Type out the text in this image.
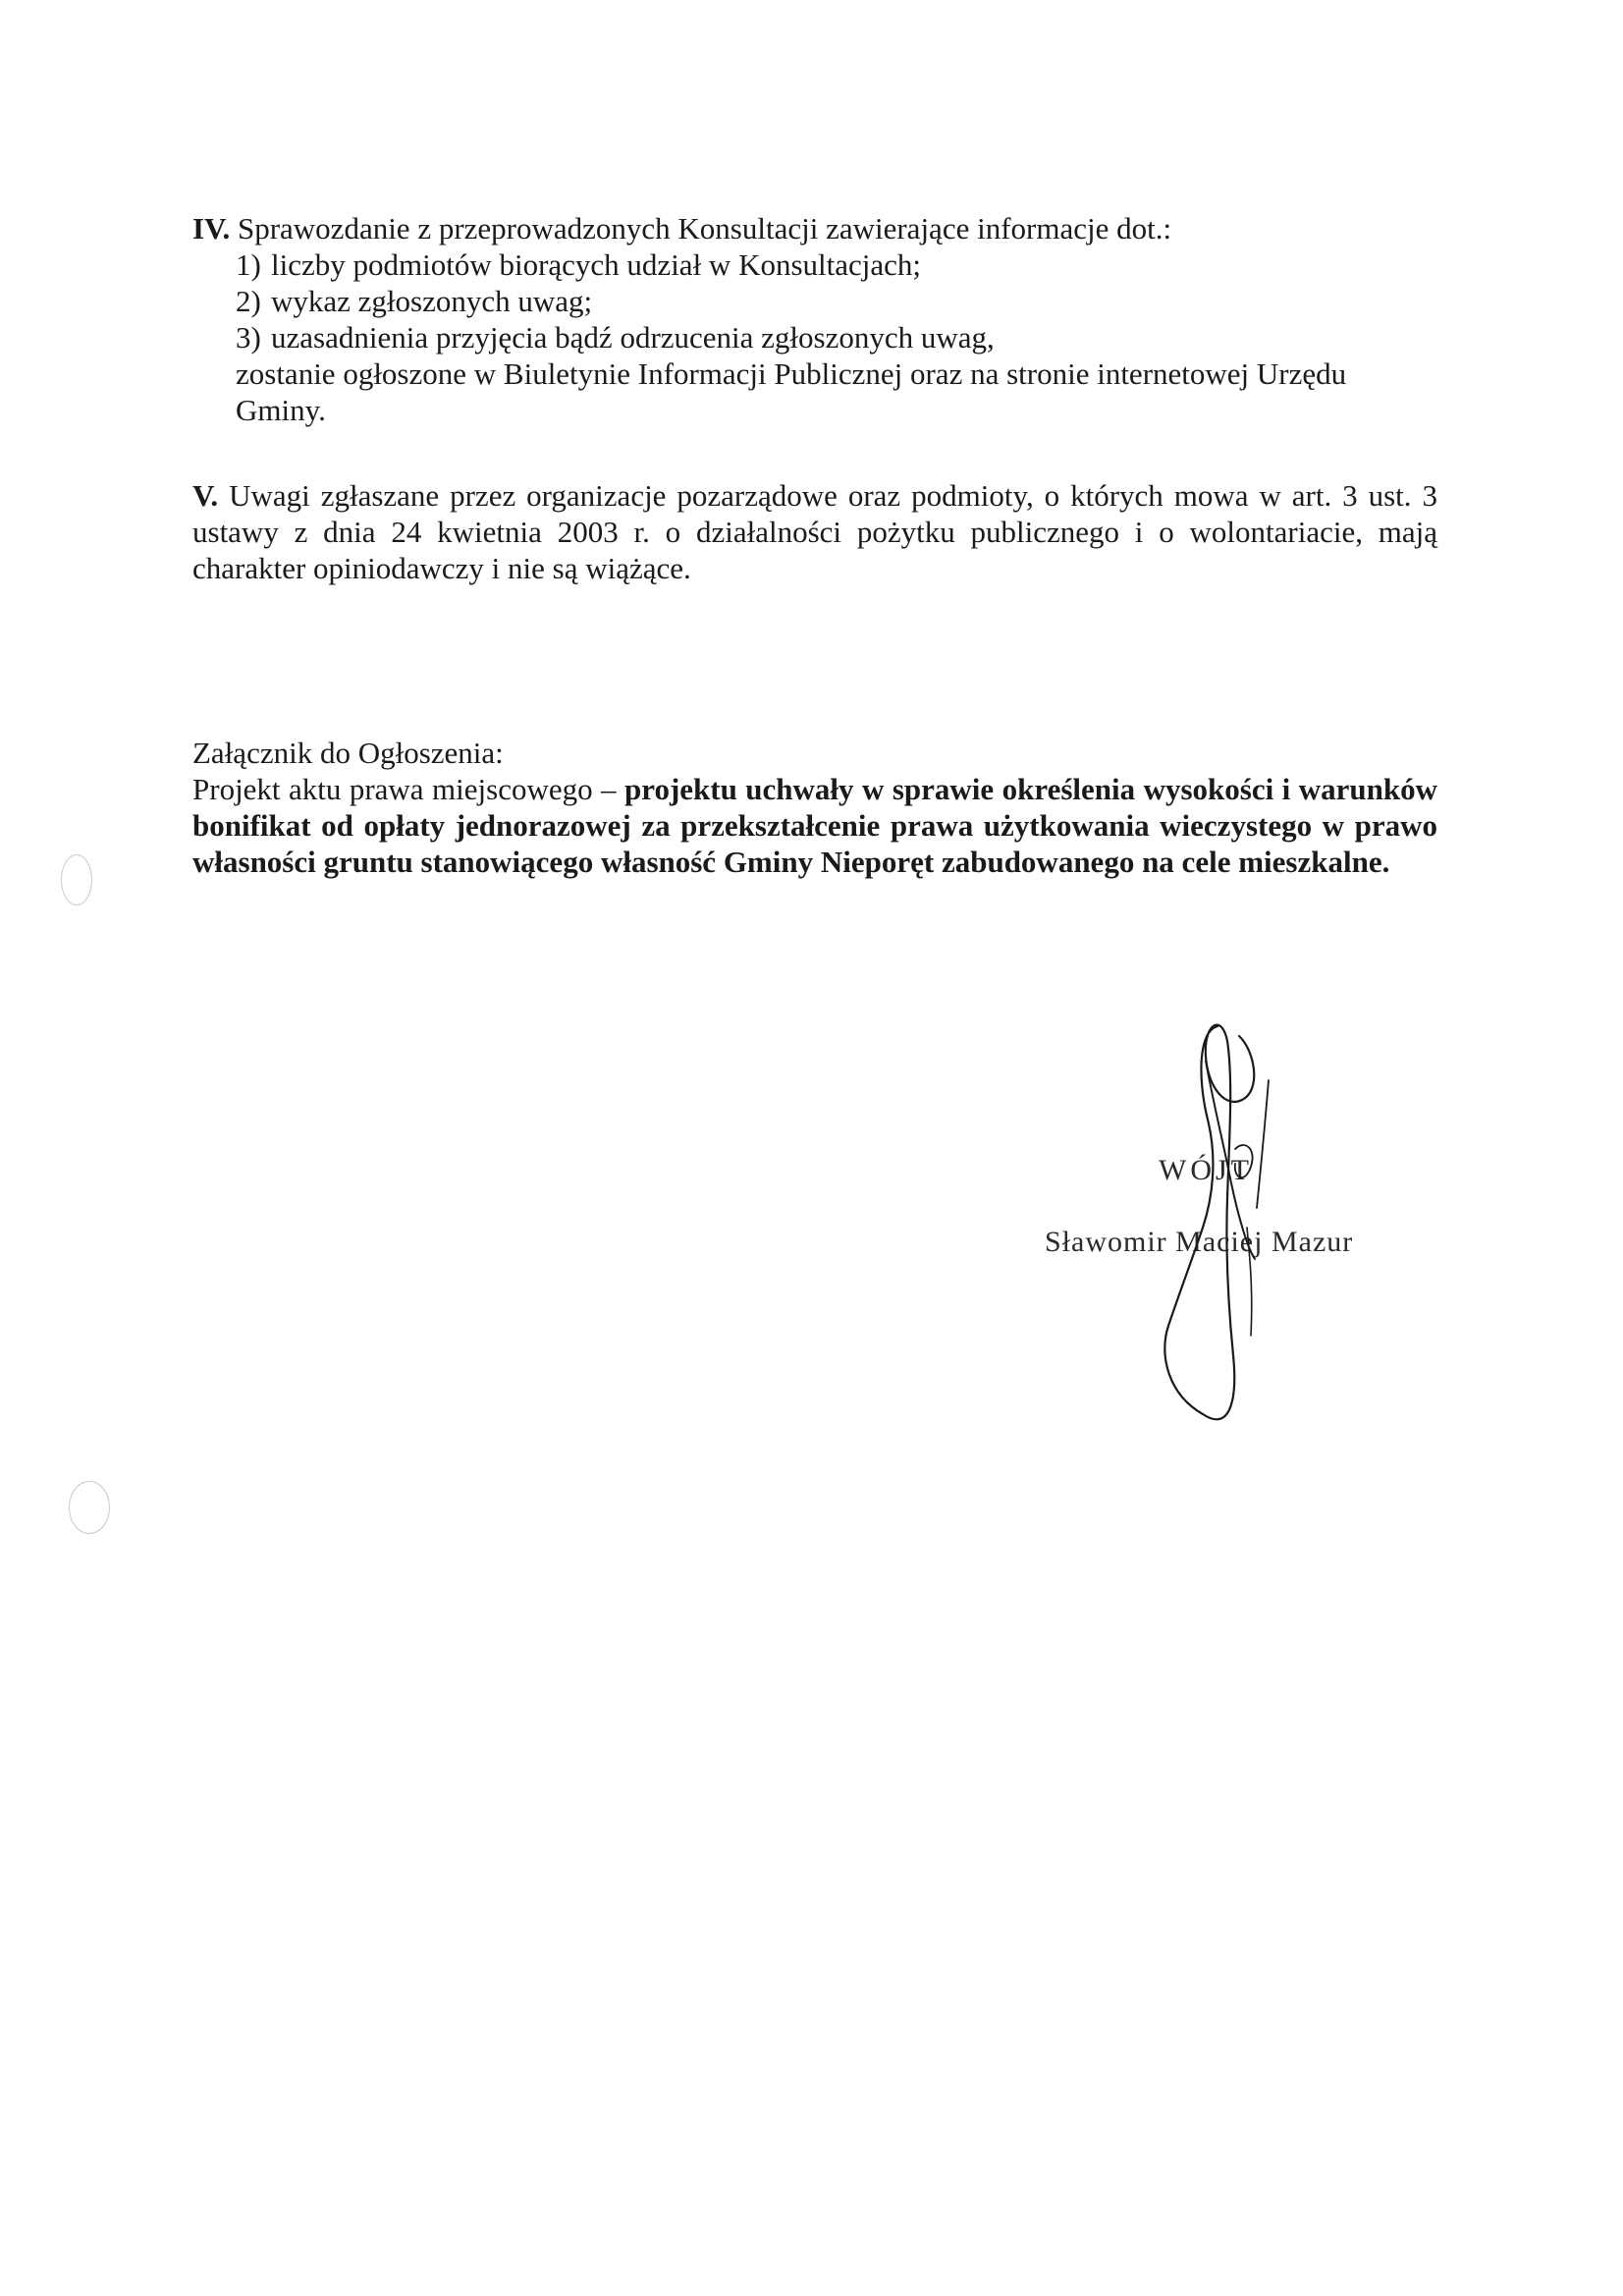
IV. Sprawozdanie z przeprowadzonych Konsultacji zawierające informacje dot.:
1) liczby podmiotów biorących udział w Konsultacjach;
2) wykaz zgłoszonych uwag;
3) uzasadnienia przyjęcia bądź odrzucenia zgłoszonych uwag,
zostanie ogłoszone w Biuletynie Informacji Publicznej oraz na stronie internetowej Urzędu Gminy.
V. Uwagi zgłaszane przez organizacje pozarządowe oraz podmioty, o których mowa w art. 3 ust. 3 ustawy z dnia 24 kwietnia 2003 r. o działalności pożytku publicznego i o wolontariacie, mają charakter opiniodawczy i nie są wiążące.
Załącznik do Ogłoszenia:
Projekt aktu prawa miejscowego – projektu uchwały w sprawie określenia wysokości i warunków bonifikat od opłaty jednorazowej za przekształcenie prawa użytkowania wieczystego w prawo własności gruntu stanowiącego własność Gminy Nieporęt zabudowanego na cele mieszkalne.
WÓJT
Sławomir Maciej Mazur
